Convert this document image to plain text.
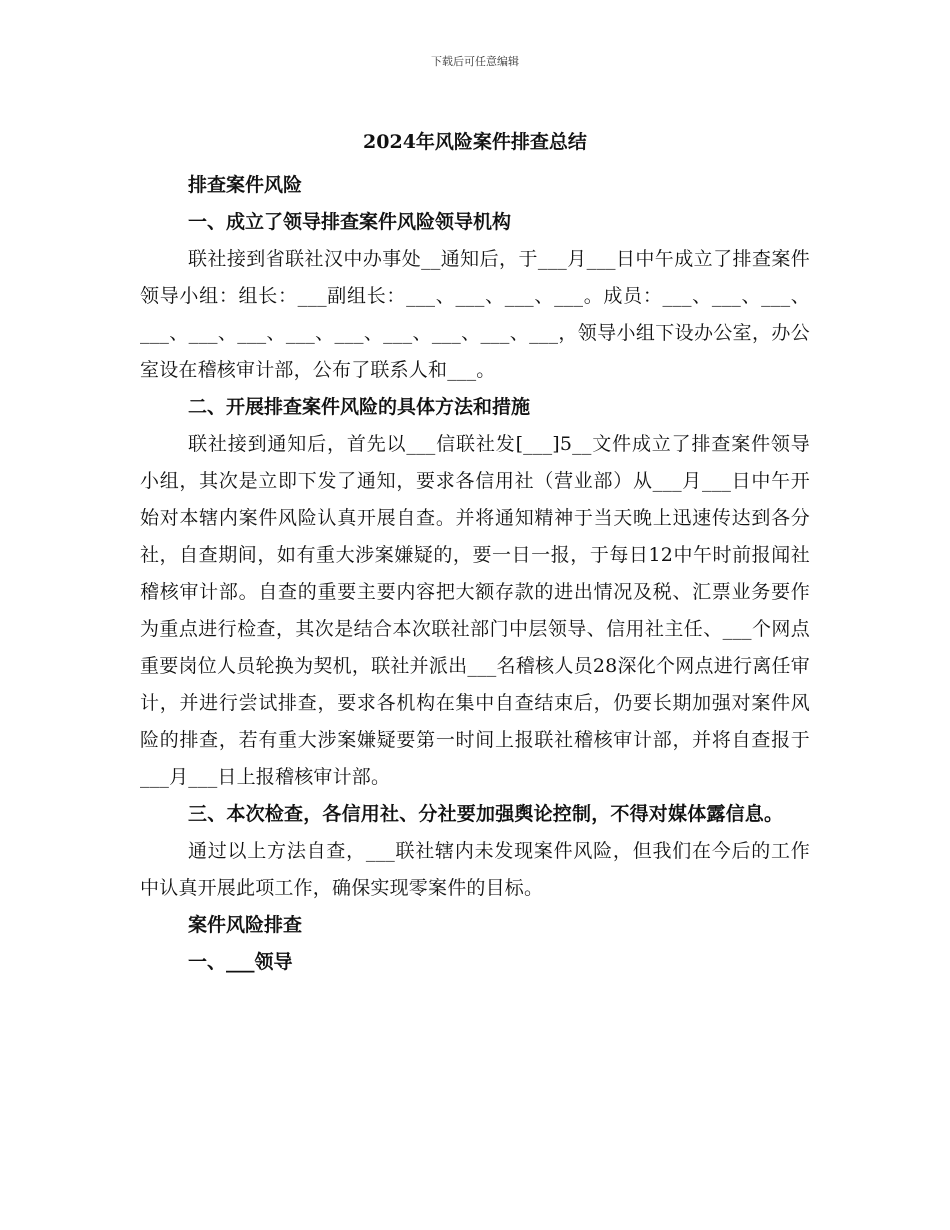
下载后可任意编辑
2024年风险案件排查总结

排查案件风险

一、成立了领导排查案件风险领导机构

联社接到省联社汉中办事处__通知后，于___月___日中午成立了排查案件领导小组：组长：___副组长：___、___、___、___。成员：___、___、___、___、___、___、___、___、___、___、___、___，领导小组下设办公室，办公室设在稽核审计部，公布了联系人和___。

二、开展排查案件风险的具体方法和措施

联社接到通知后，首先以___信联社发[___]5__文件成立了排查案件领导小组，其次是立即下发了通知，要求各信用社（营业部）从___月___日中午开始对本辖内案件风险认真开展自查。并将通知精神于当天晚上迅速传达到各分社，自查期间，如有重大涉案嫌疑的，要一日一报，于每日12中午时前报闻社稽核审计部。自查的重要主要内容把大额存款的进出情况及税、汇票业务要作为重点进行检查，其次是结合本次联社部门中层领导、信用社主任、___个网点重要岗位人员轮换为契机，联社并派出___名稽核人员28深化个网点进行离任审计，并进行尝试排查，要求各机构在集中自查结束后，仍要长期加强对案件风险的排查，若有重大涉案嫌疑要第一时间上报联社稽核审计部，并将自查报于___月___日上报稽核审计部。

三、本次检查，各信用社、分社要加强舆论控制，不得对媒体露信息。

通过以上方法自查，___联社辖内未发现案件风险，但我们在今后的工作中认真开展此项工作，确保实现零案件的目标。

案件风险排查

一、___领导
